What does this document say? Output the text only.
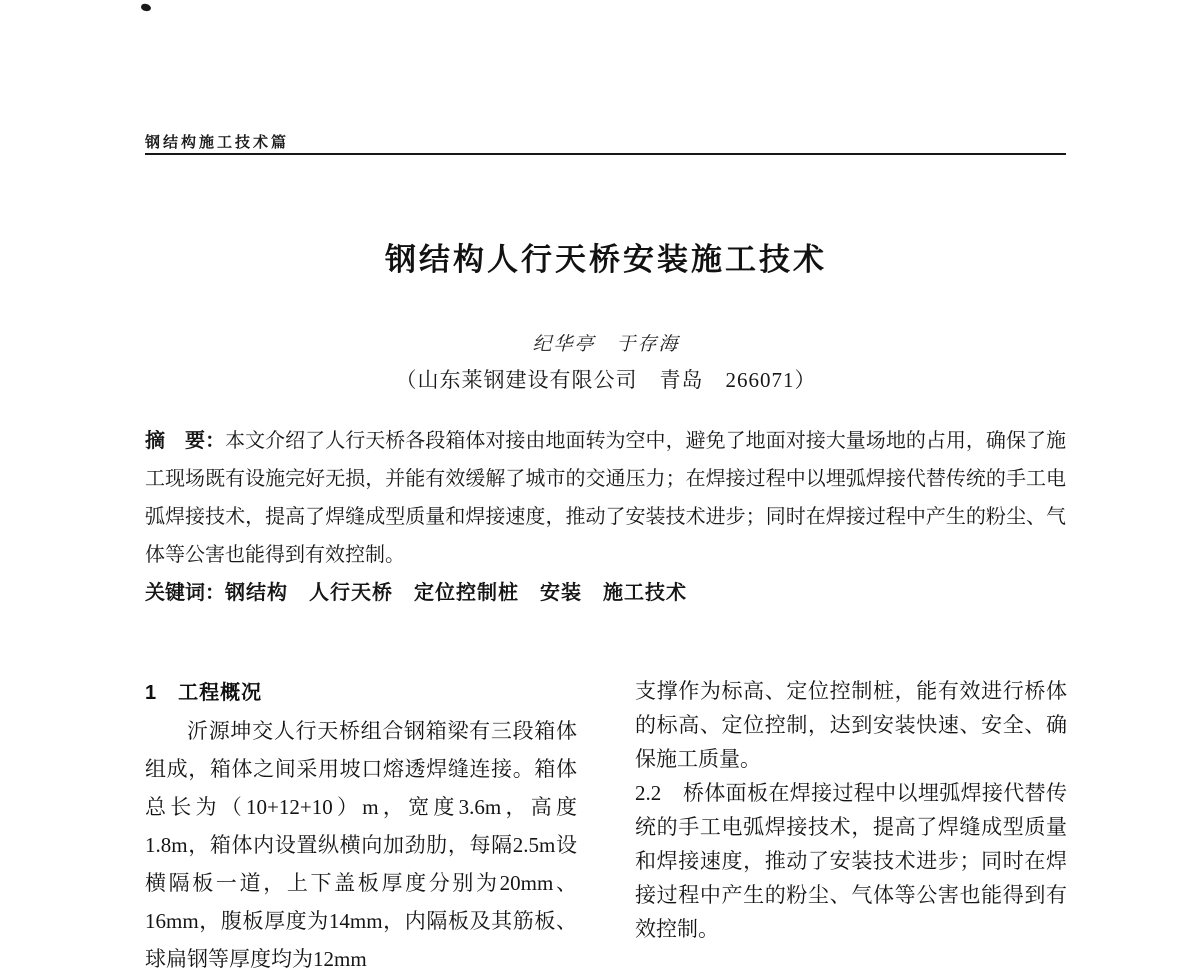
钢结构施工技术篇
钢结构人行天桥安装施工技术
纪华亭　于存海
（山东莱钢建设有限公司　青岛　266071）

摘　要：本文介绍了人行天桥各段箱体对接由地面转为空中，避免了地面对接大量场地的占用，确保了施工现场既有设施完好无损，并能有效缓解了城市的交通压力；在焊接过程中以埋弧焊接代替传统的手工电弧焊接技术，提高了焊缝成型质量和焊接速度，推动了安装技术进步；同时在焊接过程中产生的粉尘、气体等公害也能得到有效控制。

关键词：钢结构　人行天桥　定位控制桩　安装　施工技术

1　工程概况

沂源坤交人行天桥组合钢箱梁有三段箱体组成，箱体之间采用坡口熔透焊缝连接。箱体总长为（10+12+10）m，宽度3.6m，高度1.8m，箱体内设置纵横向加劲肋，每隔2.5m设横隔板一道，上下盖板厚度分别为20mm、16mm，腹板厚度为14mm，内隔板及其筋板、球扁钢等厚度均为12mm

支撑作为标高、定位控制桩，能有效进行桥体的标高、定位控制，达到安装快速、安全、确保施工质量。

2.2　桥体面板在焊接过程中以埋弧焊接代替传统的手工电弧焊接技术，提高了焊缝成型质量和焊接速度，推动了安装技术进步；同时在焊接过程中产生的粉尘、气体等公害也能得到有效控制。
